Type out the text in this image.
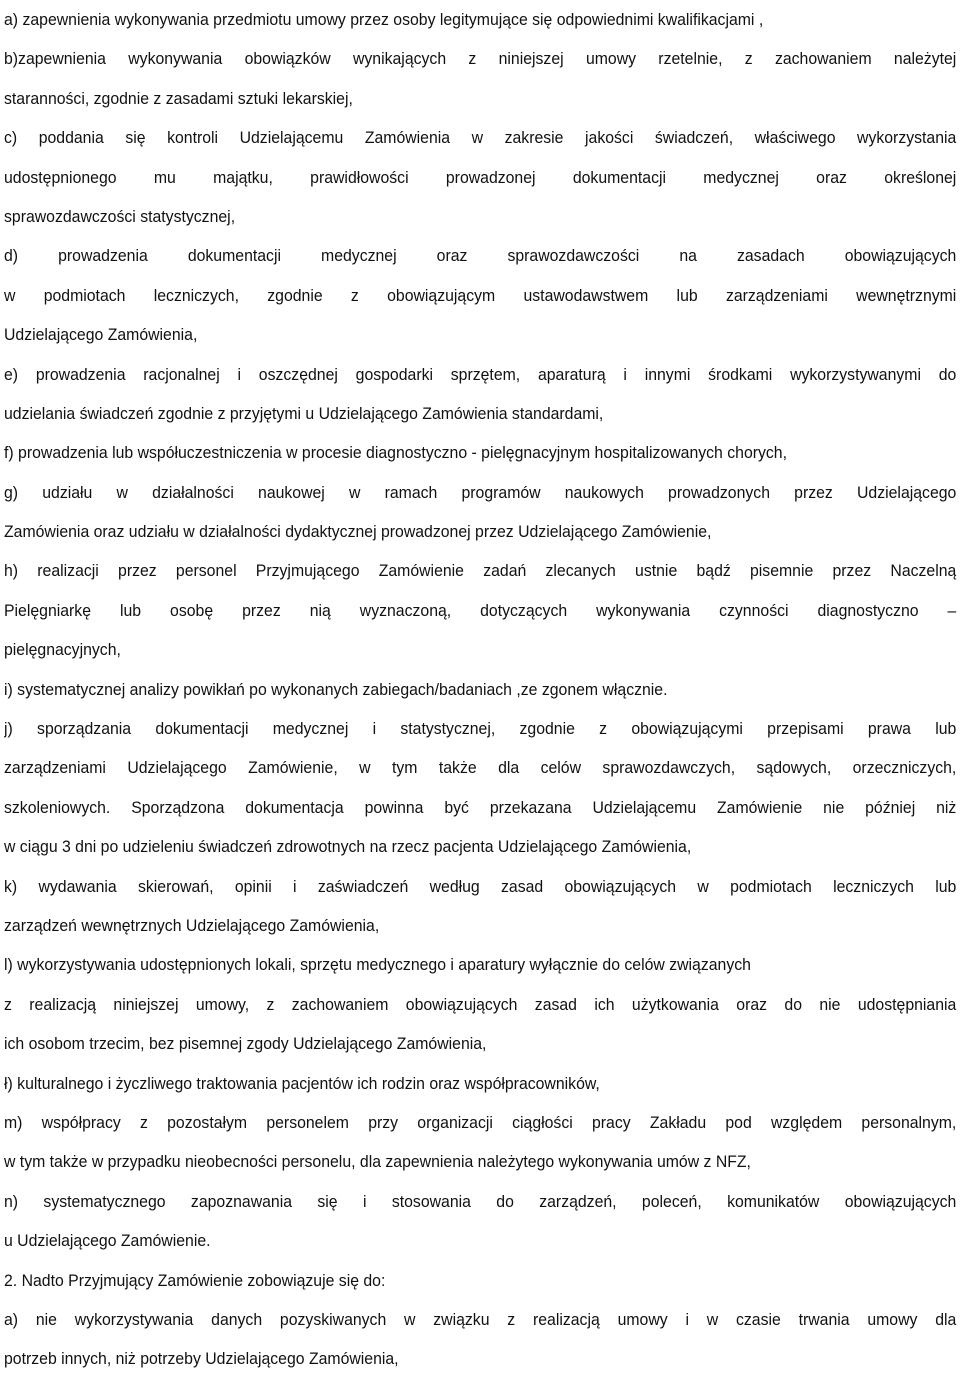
a) zapewnienia wykonywania przedmiotu umowy przez osoby legitymujące się odpowiednimi kwalifikacjami ,
b)zapewnienia wykonywania obowiązków wynikających z niniejszej umowy rzetelnie, z zachowaniem należytej
staranności, zgodnie z zasadami sztuki lekarskiej,
c) poddania się kontroli Udzielającemu Zamówienia w zakresie jakości świadczeń, właściwego wykorzystania
udostępnionego mu majątku, prawidłowości prowadzonej dokumentacji medycznej oraz określonej
sprawozdawczości statystycznej,
d) prowadzenia dokumentacji medycznej oraz sprawozdawczości na zasadach obowiązujących
w podmiotach leczniczych, zgodnie z obowiązującym ustawodawstwem lub zarządzeniami wewnętrznymi
Udzielającego Zamówienia,
e) prowadzenia racjonalnej i oszczędnej gospodarki sprzętem, aparaturą i innymi środkami wykorzystywanymi do
udzielania świadczeń zgodnie z przyjętymi u Udzielającego Zamówienia standardami,
f) prowadzenia lub współuczestniczenia w procesie diagnostyczno - pielęgnacyjnym hospitalizowanych chorych,
g) udziału w działalności naukowej w ramach programów naukowych prowadzonych przez Udzielającego
Zamówienia oraz udziału w działalności dydaktycznej prowadzonej przez Udzielającego Zamówienie,
h) realizacji przez personel Przyjmującego Zamówienie zadań zlecanych ustnie bądź pisemnie przez Naczelną
Pielęgniarkę lub osobę przez nią wyznaczoną, dotyczących wykonywania czynności diagnostyczno –
pielęgnacyjnych,
i) systematycznej analizy powikłań po wykonanych zabiegach/badaniach ,ze zgonem włącznie.
j) sporządzania dokumentacji medycznej i statystycznej, zgodnie z obowiązującymi przepisami prawa lub
zarządzeniami Udzielającego Zamówienie, w tym także dla celów sprawozdawczych, sądowych, orzeczniczych,
szkoleniowych. Sporządzona dokumentacja powinna być przekazana Udzielającemu Zamówienie nie później niż
w ciągu 3 dni po udzieleniu świadczeń zdrowotnych na rzecz pacjenta Udzielającego Zamówienia,
k) wydawania skierowań, opinii i zaświadczeń według zasad obowiązujących w podmiotach leczniczych lub
zarządzeń wewnętrznych Udzielającego Zamówienia,
l) wykorzystywania udostępnionych lokali, sprzętu medycznego i aparatury wyłącznie do celów związanych
z realizacją niniejszej umowy, z zachowaniem obowiązujących zasad ich użytkowania oraz do nie udostępniania
ich osobom trzecim, bez pisemnej zgody Udzielającego Zamówienia,
ł) kulturalnego i życzliwego traktowania pacjentów ich rodzin oraz współpracowników,
m) współpracy z pozostałym personelem przy organizacji ciągłości pracy Zakładu pod względem personalnym,
w tym także w przypadku nieobecności personelu, dla zapewnienia należytego wykonywania umów z NFZ,
n) systematycznego zapoznawania się i stosowania do zarządzeń, poleceń, komunikatów obowiązujących
u Udzielającego Zamówienie.
2. Nadto Przyjmujący Zamówienie zobowiązuje się do:
a) nie wykorzystywania danych pozyskiwanych w związku z realizacją umowy i w czasie trwania umowy dla
potrzeb innych, niż potrzeby Udzielającego Zamówienia,
